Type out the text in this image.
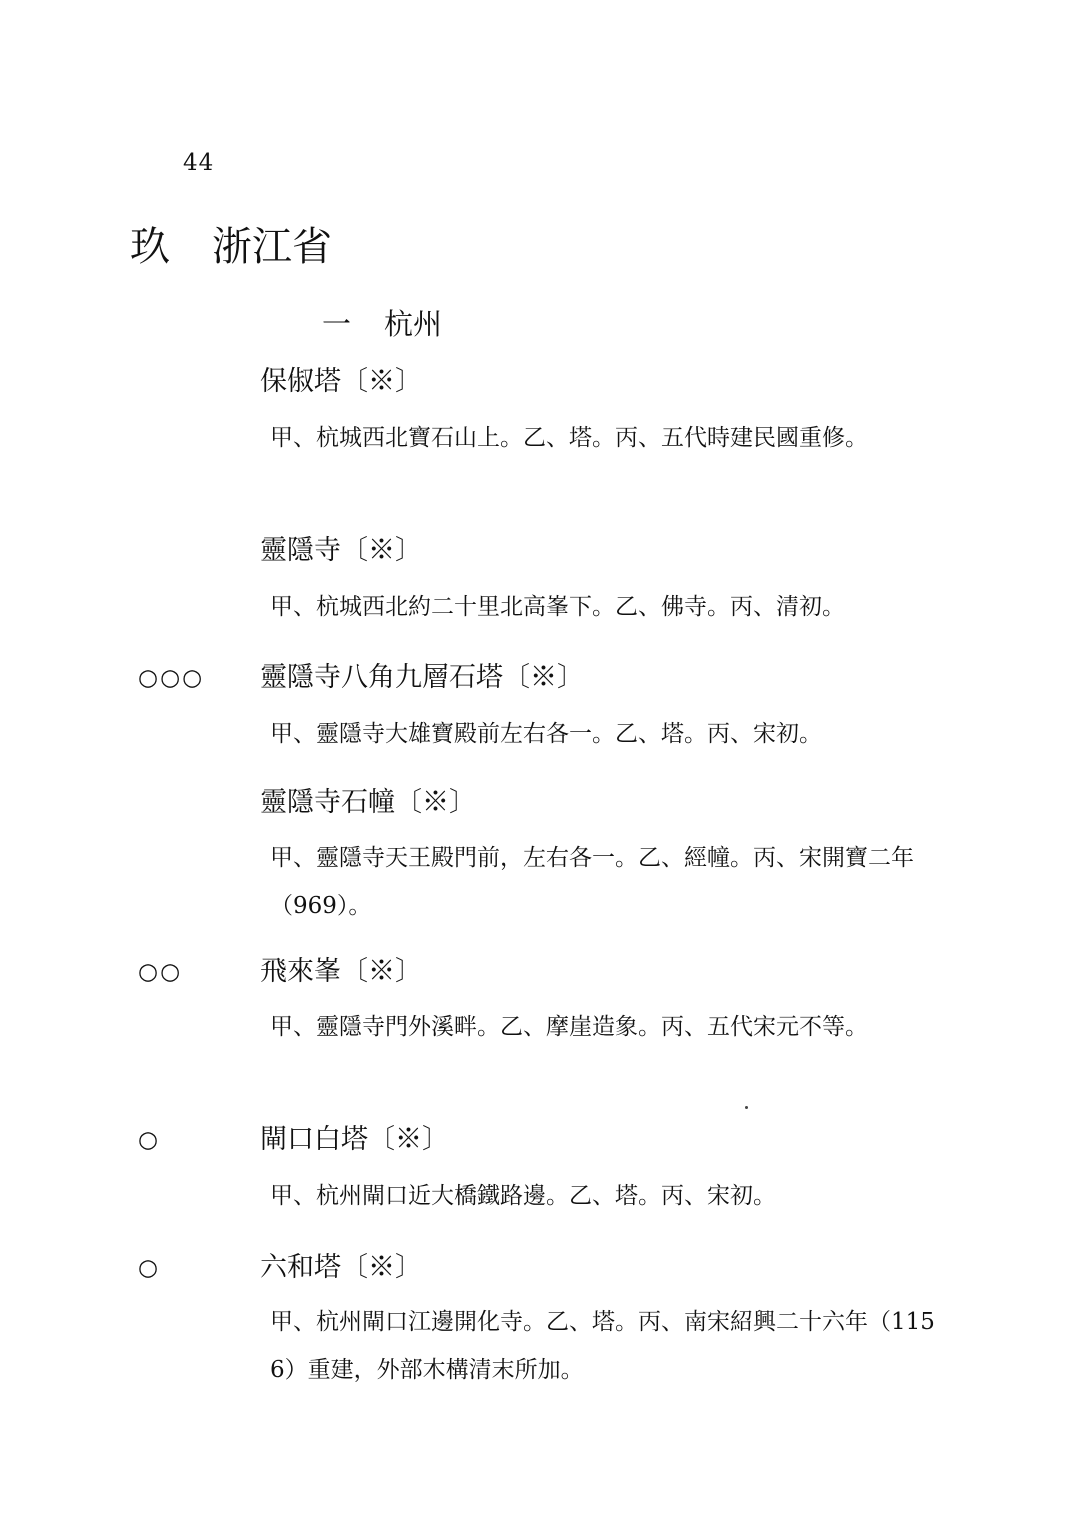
44
玖 浙江省
一 杭州
保俶塔〔※〕
甲、杭城西北寶石山上。乙、塔。丙、五代時建民國重修。
靈隱寺〔※〕
甲、杭城西北約二十里北高峯下。乙、佛寺。丙、清初。
○○○ 靈隱寺八角九層石塔〔※〕
甲、靈隱寺大雄寶殿前左右各一。乙、塔。丙、宋初。
靈隱寺石幢〔※〕
甲、靈隱寺天王殿門前，左右各一。乙、經幢。丙、宋開寶二年（969）。
○○	飛來峯〔※〕
甲、靈隱寺門外溪畔。乙、摩崖造象。丙、五代宋元不等。
○	閘口白塔〔※〕
甲、杭州閘口近大橋鐵路邊。乙、塔。丙、宋初。
○	六和塔〔※〕
甲、杭州閘口江邊開化寺。乙、塔。丙、南宋紹興二十六年（1156）重建，外部木構清末所加。
